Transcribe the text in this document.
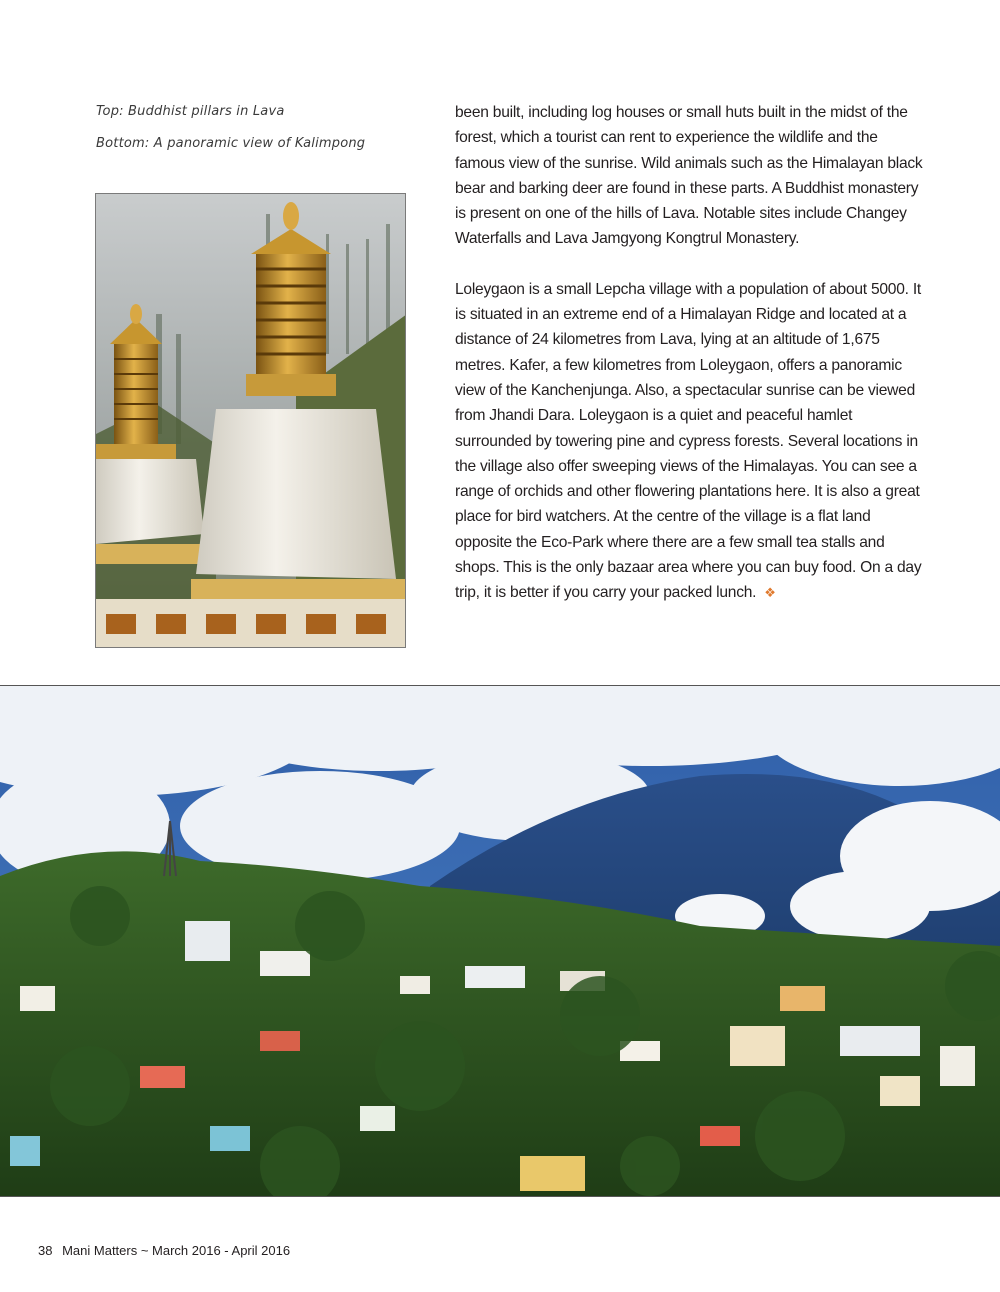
Top: Buddhist pillars in Lava
Bottom: A panoramic view of Kalimpong

been built, including log houses or small huts built in the midst of the forest, which a tourist can rent to experience the wildlife and the famous view of the sunrise. Wild animals such as the Himalayan black bear and barking deer are found in these parts. A Buddhist monastery is present on one of the hills of Lava. Notable sites include Changey Waterfalls and Lava Jamgyong Kongtrul Monastery.

Loleygaon is a small Lepcha village with a population of about 5000. It is situated in an extreme end of a Himalayan Ridge and located at a distance of 24 kilometres from Lava, lying at an altitude of 1,675 metres. Kafer, a few kilometres from Loleygaon, offers a panoramic view of the Kanchenjunga. Also, a spectacular sunrise can be viewed from Jhandi Dara. Loleygaon is a quiet and peaceful hamlet surrounded by towering pine and cypress forests. Several locations in the village also offer sweeping views of the Himalayas. You can see a range of orchids and other flowering plantations here. It is also a great place for bird watchers. At the centre of the village is a flat land opposite the Eco-Park where there are a few small tea stalls and shops. This is the only bazaar area where you can buy food. On a day trip, it is better if you carry your packed lunch. ❖

38 Mani Matters ~ March 2016 - April 2016
